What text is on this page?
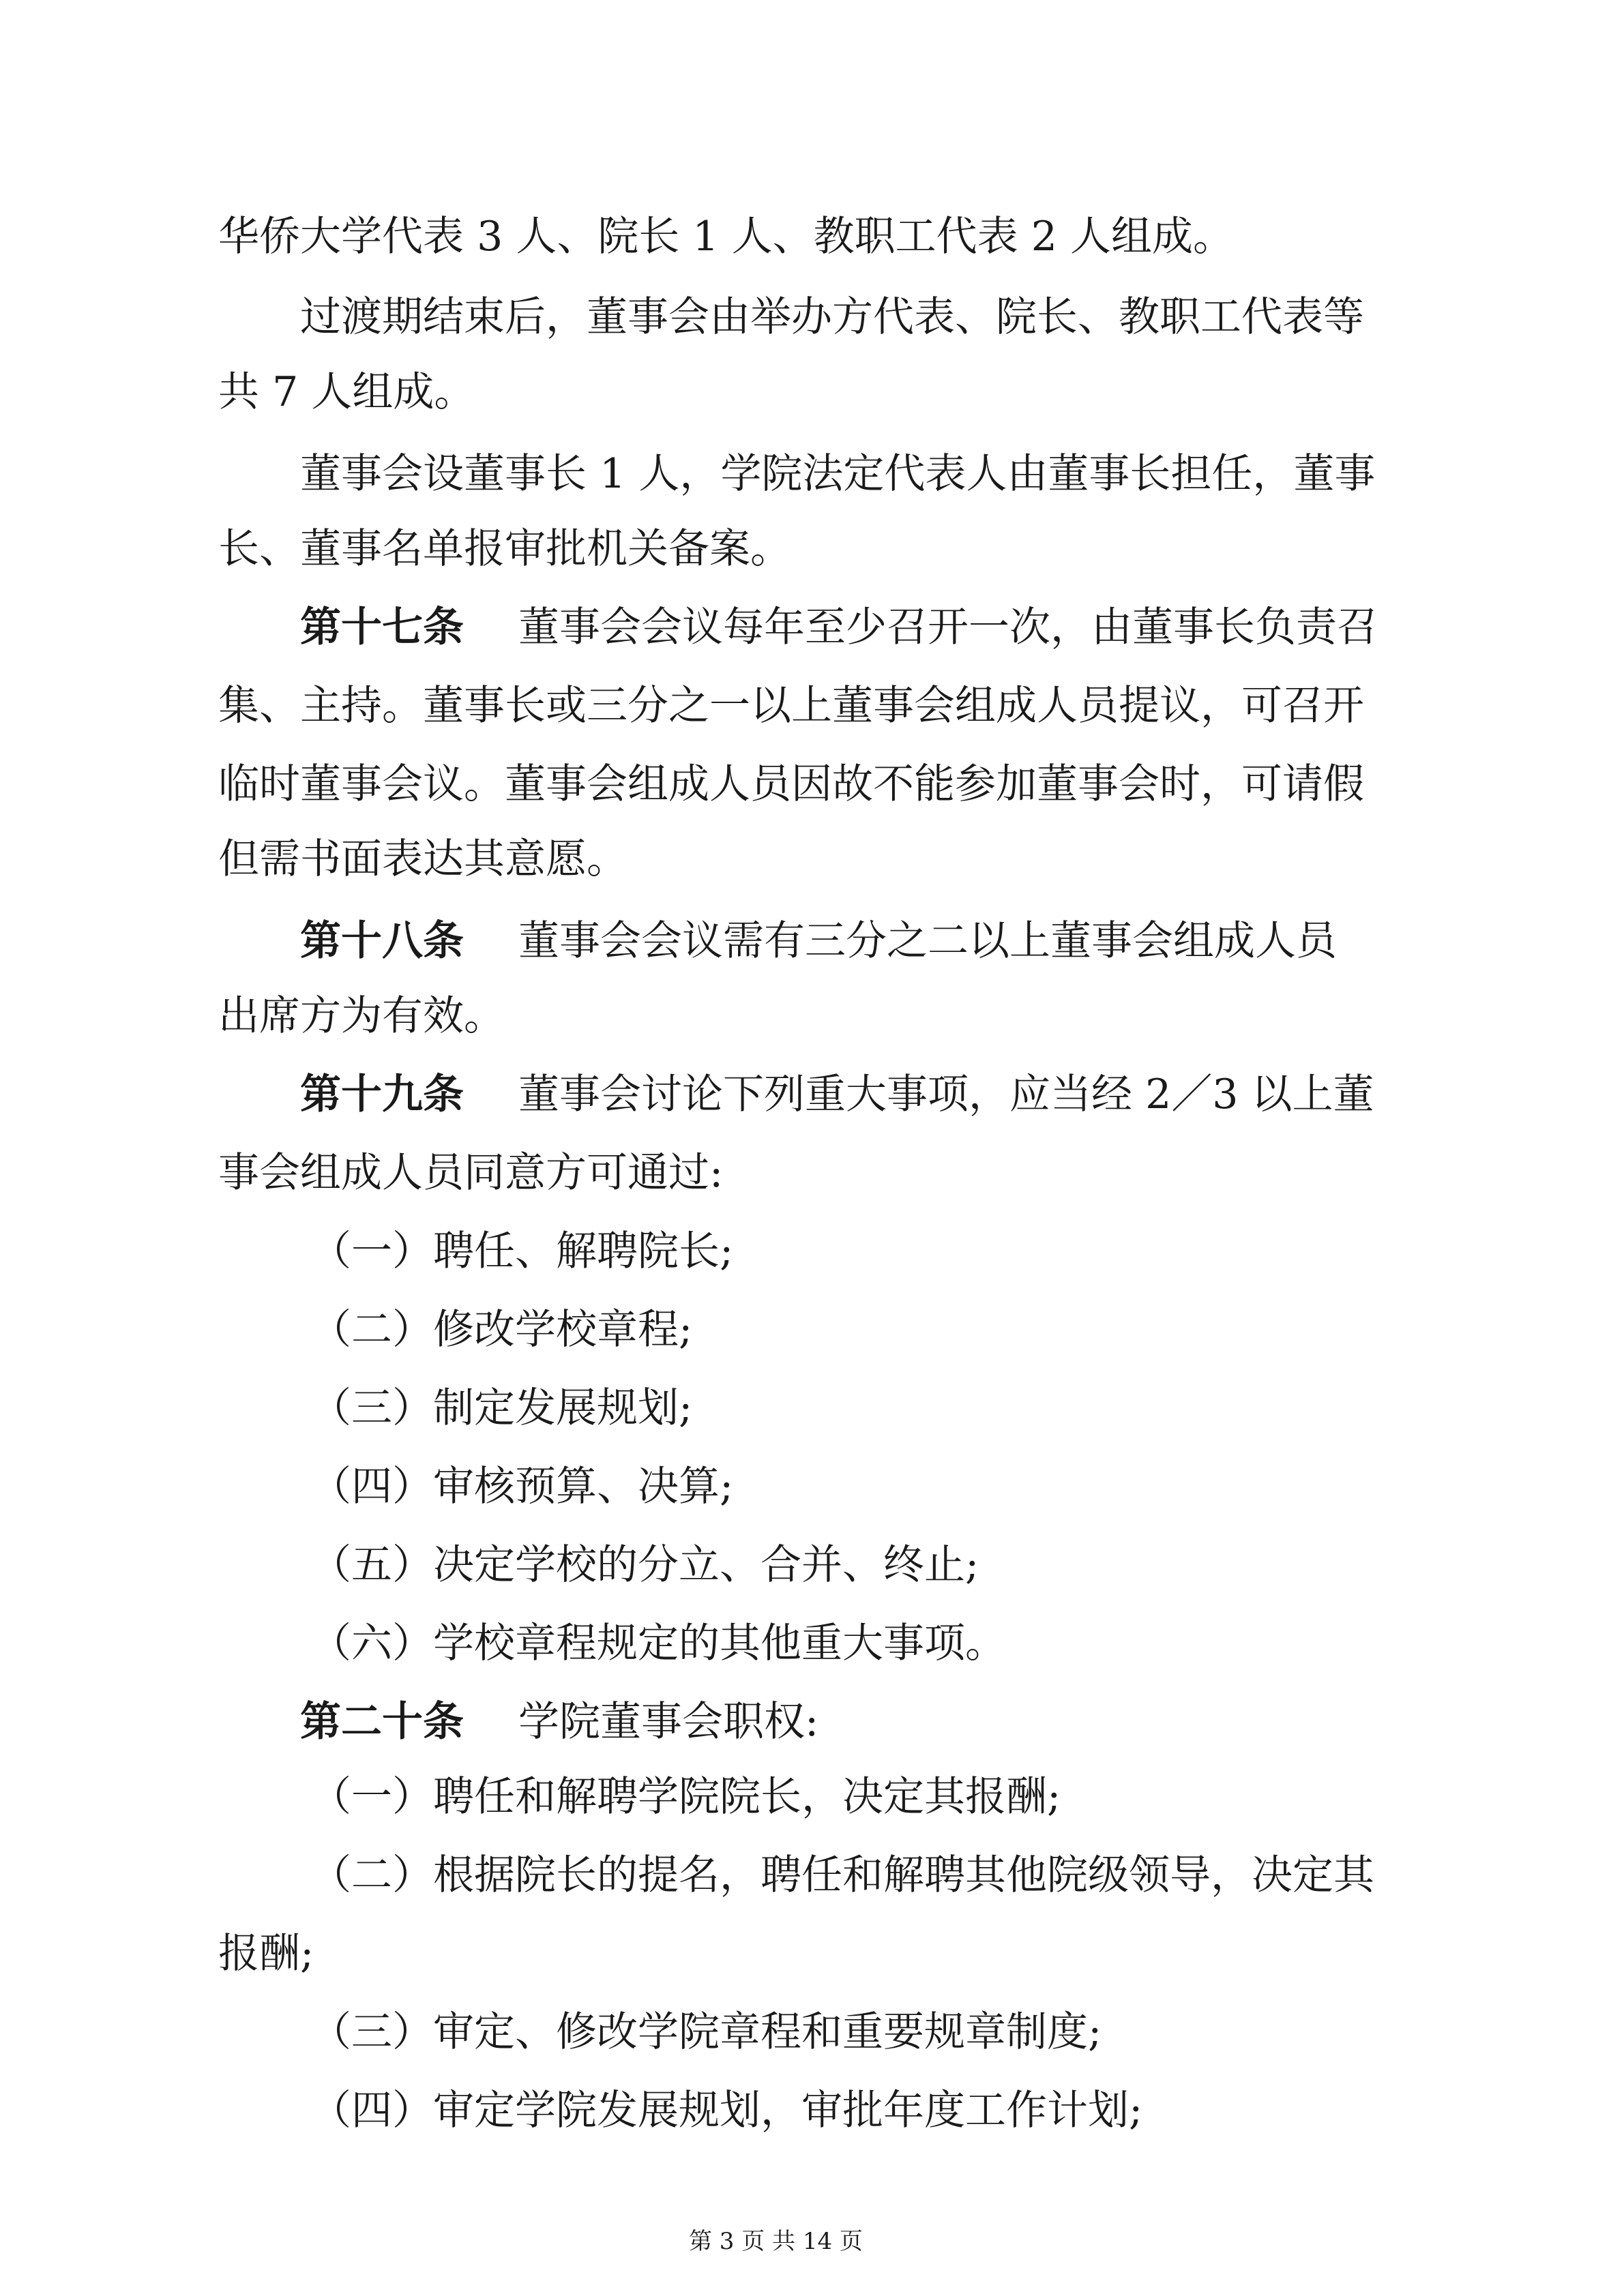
华侨大学代表 3 人、院长 1 人、教职工代表 2 人组成。
过渡期结束后，董事会由举办方代表、院长、教职工代表等
共 7 人组成。
董事会设董事长 1 人，学院法定代表人由董事长担任，董事
长、董事名单报审批机关备案。
第十七条 董事会会议每年至少召开一次，由董事长负责召
集、主持。董事长或三分之一以上董事会组成人员提议，可召开
临时董事会议。董事会组成人员因故不能参加董事会时，可请假
但需书面表达其意愿。
第十八条 董事会会议需有三分之二以上董事会组成人员
出席方为有效。
第十九条 董事会讨论下列重大事项，应当经 2／3 以上董
事会组成人员同意方可通过:
（一）聘任、解聘院长;
（二）修改学校章程;
（三）制定发展规划;
（四）审核预算、决算;
（五）决定学校的分立、合并、终止;
（六）学校章程规定的其他重大事项。
第二十条 学院董事会职权:
（一）聘任和解聘学院院长，决定其报酬;
（二）根据院长的提名，聘任和解聘其他院级领导，决定其
报酬;
（三）审定、修改学院章程和重要规章制度;
（四）审定学院发展规划，审批年度工作计划;
第 3 页 共 14 页
